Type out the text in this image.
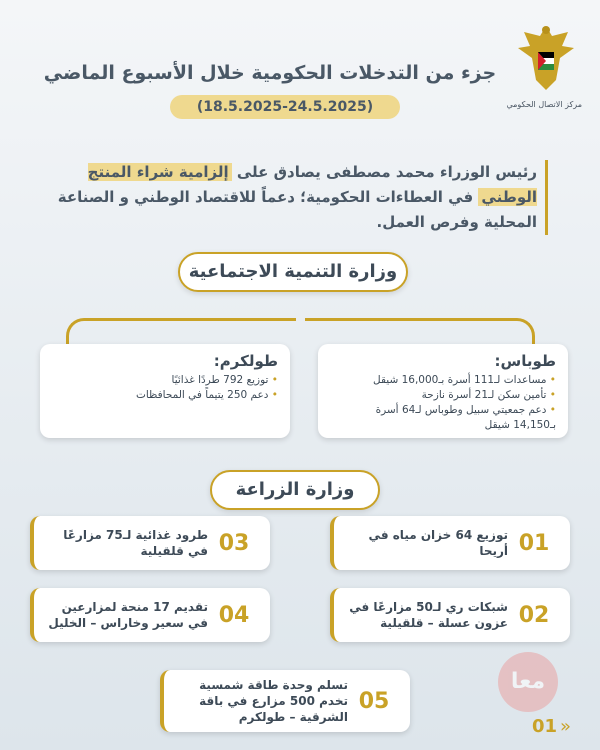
مركز الاتصال الحكومي
جزء من التدخلات الحكومية خلال الأسبوع الماضي
(18.5.2025-24.5.2025)
رئيس الوزراء محمد مصطفى يصادق على إلزامية شراء المنتج الوطني في العطاءات الحكومية؛ دعماً للاقتصاد الوطني و الصناعة المحلية وفرص العمل.
وزارة التنمية الاجتماعية
طوباس:
• مساعدات لـ111 أسرة بـ16,000 شيقل
• تأمين سكن لـ21 أسرة نازحة
• دعم جمعيتي سبيل وطوباس لـ64 أسرة بـ14,150 شيقل
طولكرم:
• توزيع 792 طردًا غذائيًا
• دعم 250 يتيماً في المحافظات
وزارة الزراعة
01
توزيع 64 خزان مياه في أريحا
03
طرود غذائية لـ75 مزارعًا في قلقيلية
02
شبكات ري لـ50 مزارعًا في عزون عسلة – قلقيلية
04
تقديم 17 منحة لمزارعين في سعير وخاراس – الخليل
05
تسلم وحدة طاقة شمسية تخدم 500 مزارع في باقة الشرقية – طولكرم
معا
01 »
